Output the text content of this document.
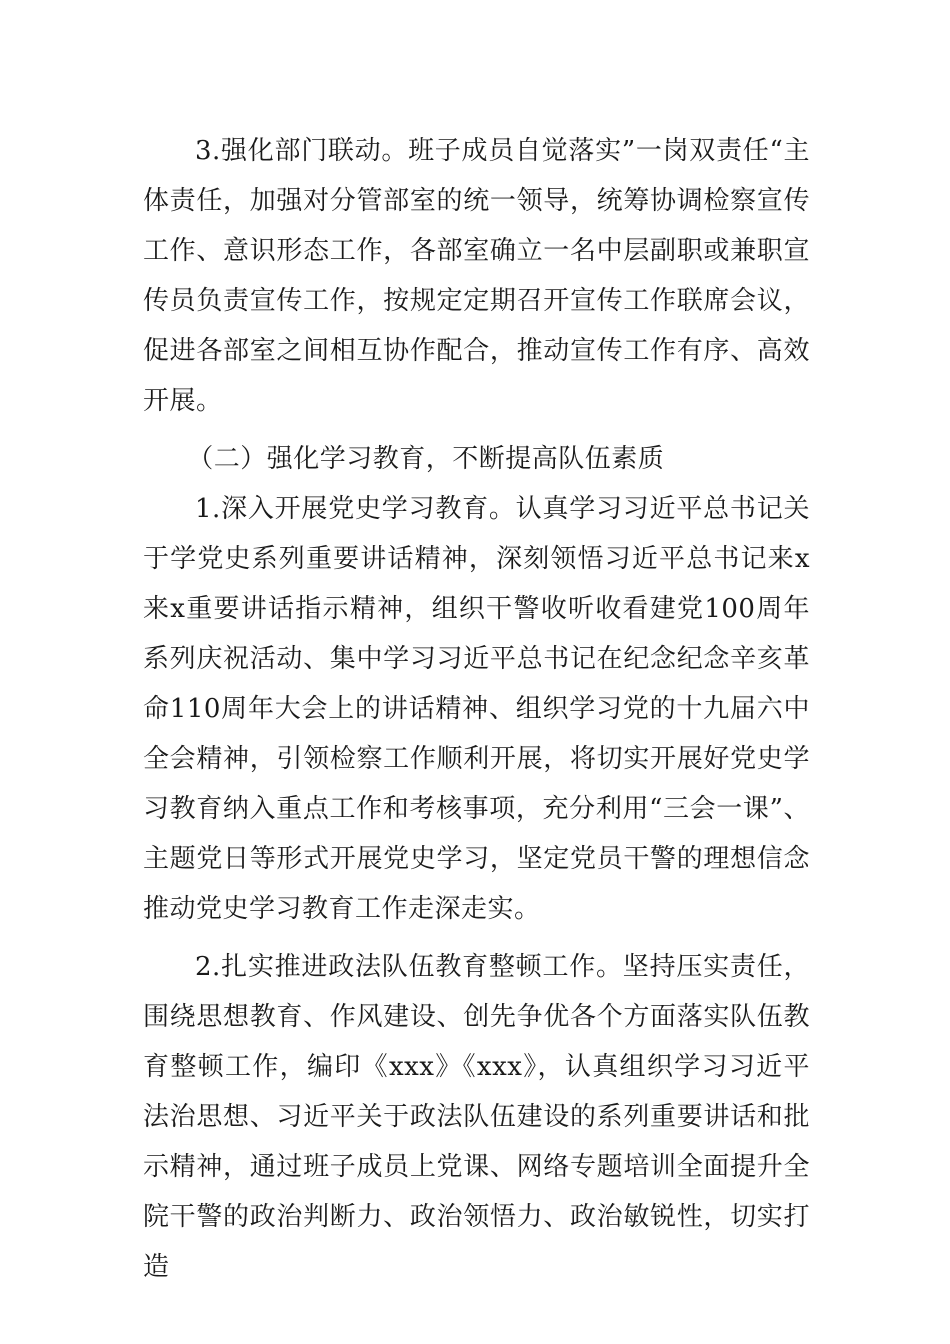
3.强化部门联动。班子成员自觉落实”一岗双责任“主体责任，加强对分管部室的统一领导，统筹协调检察宣传工作、意识形态工作，各部室确立一名中层副职或兼职宣传员负责宣传工作，按规定定期召开宣传工作联席会议，促进各部室之间相互协作配合，推动宣传工作有序、高效开展。

（二）强化学习教育，不断提高队伍素质

1.深入开展党史学习教育。认真学习习近平总书记关于学党史系列重要讲话精神，深刻领悟习近平总书记来x来x重要讲话指示精神，组织干警收听收看建党100周年系列庆祝活动、集中学习习近平总书记在纪念纪念辛亥革命110周年大会上的讲话精神、组织学习党的十九届六中全会精神，引领检察工作顺利开展，将切实开展好党史学习教育纳入重点工作和考核事项，充分利用“三会一课”、主题党日等形式开展党史学习，坚定党员干警的理想信念推动党史学习教育工作走深走实。

2.扎实推进政法队伍教育整顿工作。坚持压实责任，围绕思想教育、作风建设、创先争优各个方面落实队伍教育整顿工作，编印《xxx》《xxx》，认真组织学习习近平法治思想、习近平关于政法队伍建设的系列重要讲话和批示精神，通过班子成员上党课、网络专题培训全面提升全院干警的政治判断力、政治领悟力、政治敏锐性，切实打造
